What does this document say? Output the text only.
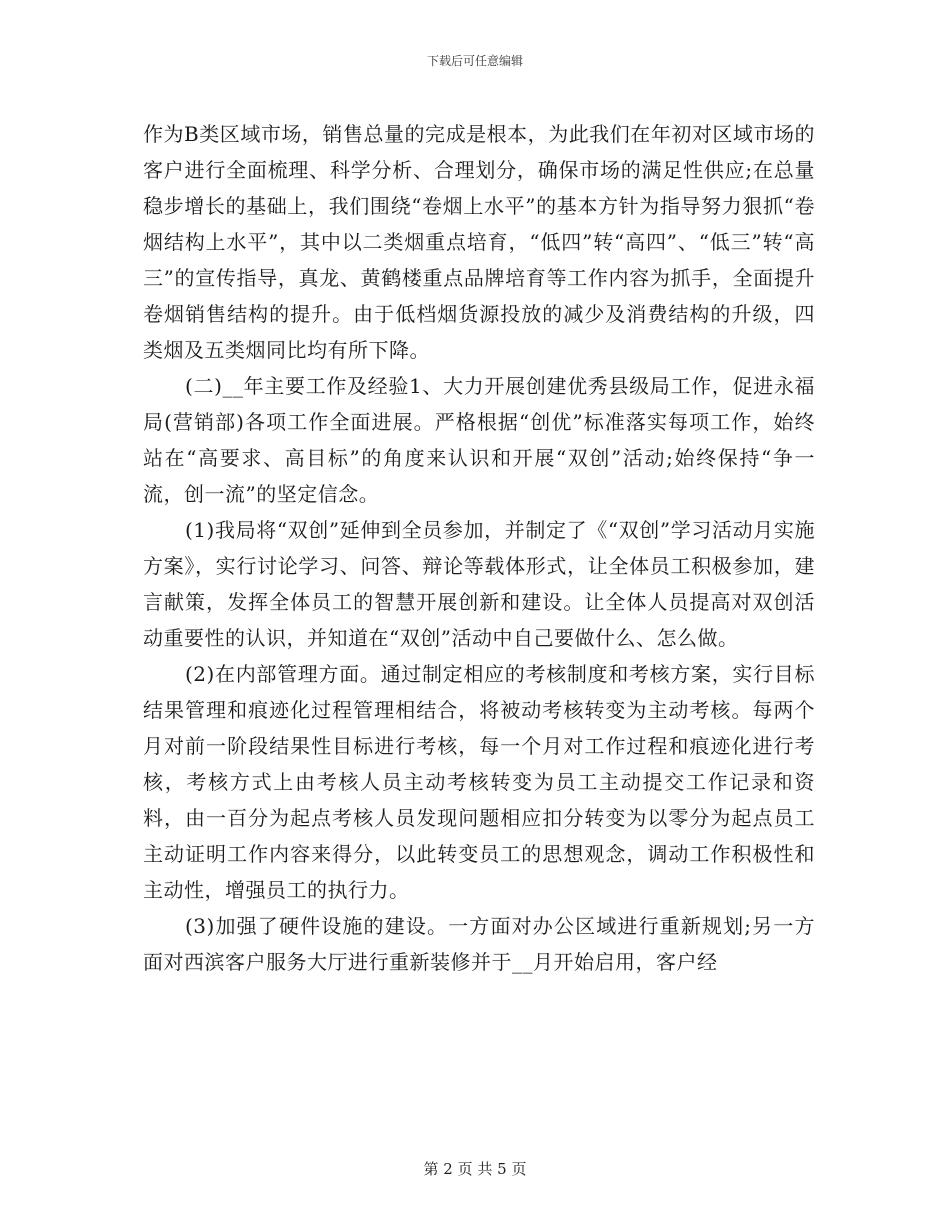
下载后可任意编辑

作为B类区域市场，销售总量的完成是根本，为此我们在年初对区域市场的客户进行全面梳理、科学分析、合理划分，确保市场的满足性供应;在总量稳步增长的基础上，我们围绕“卷烟上水平”的基本方针为指导努力狠抓“卷烟结构上水平”，其中以二类烟重点培育，“低四”转“高四”、“低三”转“高三”的宣传指导，真龙、黄鹤楼重点品牌培育等工作内容为抓手，全面提升卷烟销售结构的提升。由于低档烟货源投放的减少及消费结构的升级，四类烟及五类烟同比均有所下降。

(二)__年主要工作及经验1、大力开展创建优秀县级局工作，促进永福局(营销部)各项工作全面进展。严格根据“创优”标准落实每项工作，始终站在“高要求、高目标”的角度来认识和开展“双创”活动;始终保持“争一流，创一流”的坚定信念。

(1)我局将“双创”延伸到全员参加，并制定了《“双创”学习活动月实施方案》，实行讨论学习、问答、辩论等载体形式，让全体员工积极参加，建言献策，发挥全体员工的智慧开展创新和建设。让全体人员提高对双创活动重要性的认识，并知道在“双创”活动中自己要做什么、怎么做。

(2)在内部管理方面。通过制定相应的考核制度和考核方案，实行目标结果管理和痕迹化过程管理相结合，将被动考核转变为主动考核。每两个月对前一阶段结果性目标进行考核，每一个月对工作过程和痕迹化进行考核，考核方式上由考核人员主动考核转变为员工主动提交工作记录和资料，由一百分为起点考核人员发现问题相应扣分转变为以零分为起点员工主动证明工作内容来得分，以此转变员工的思想观念，调动工作积极性和主动性，增强员工的执行力。

(3)加强了硬件设施的建设。一方面对办公区域进行重新规划;另一方面对西滨客户服务大厅进行重新装修并于__月开始启用，客户经

第 2 页 共 5 页
